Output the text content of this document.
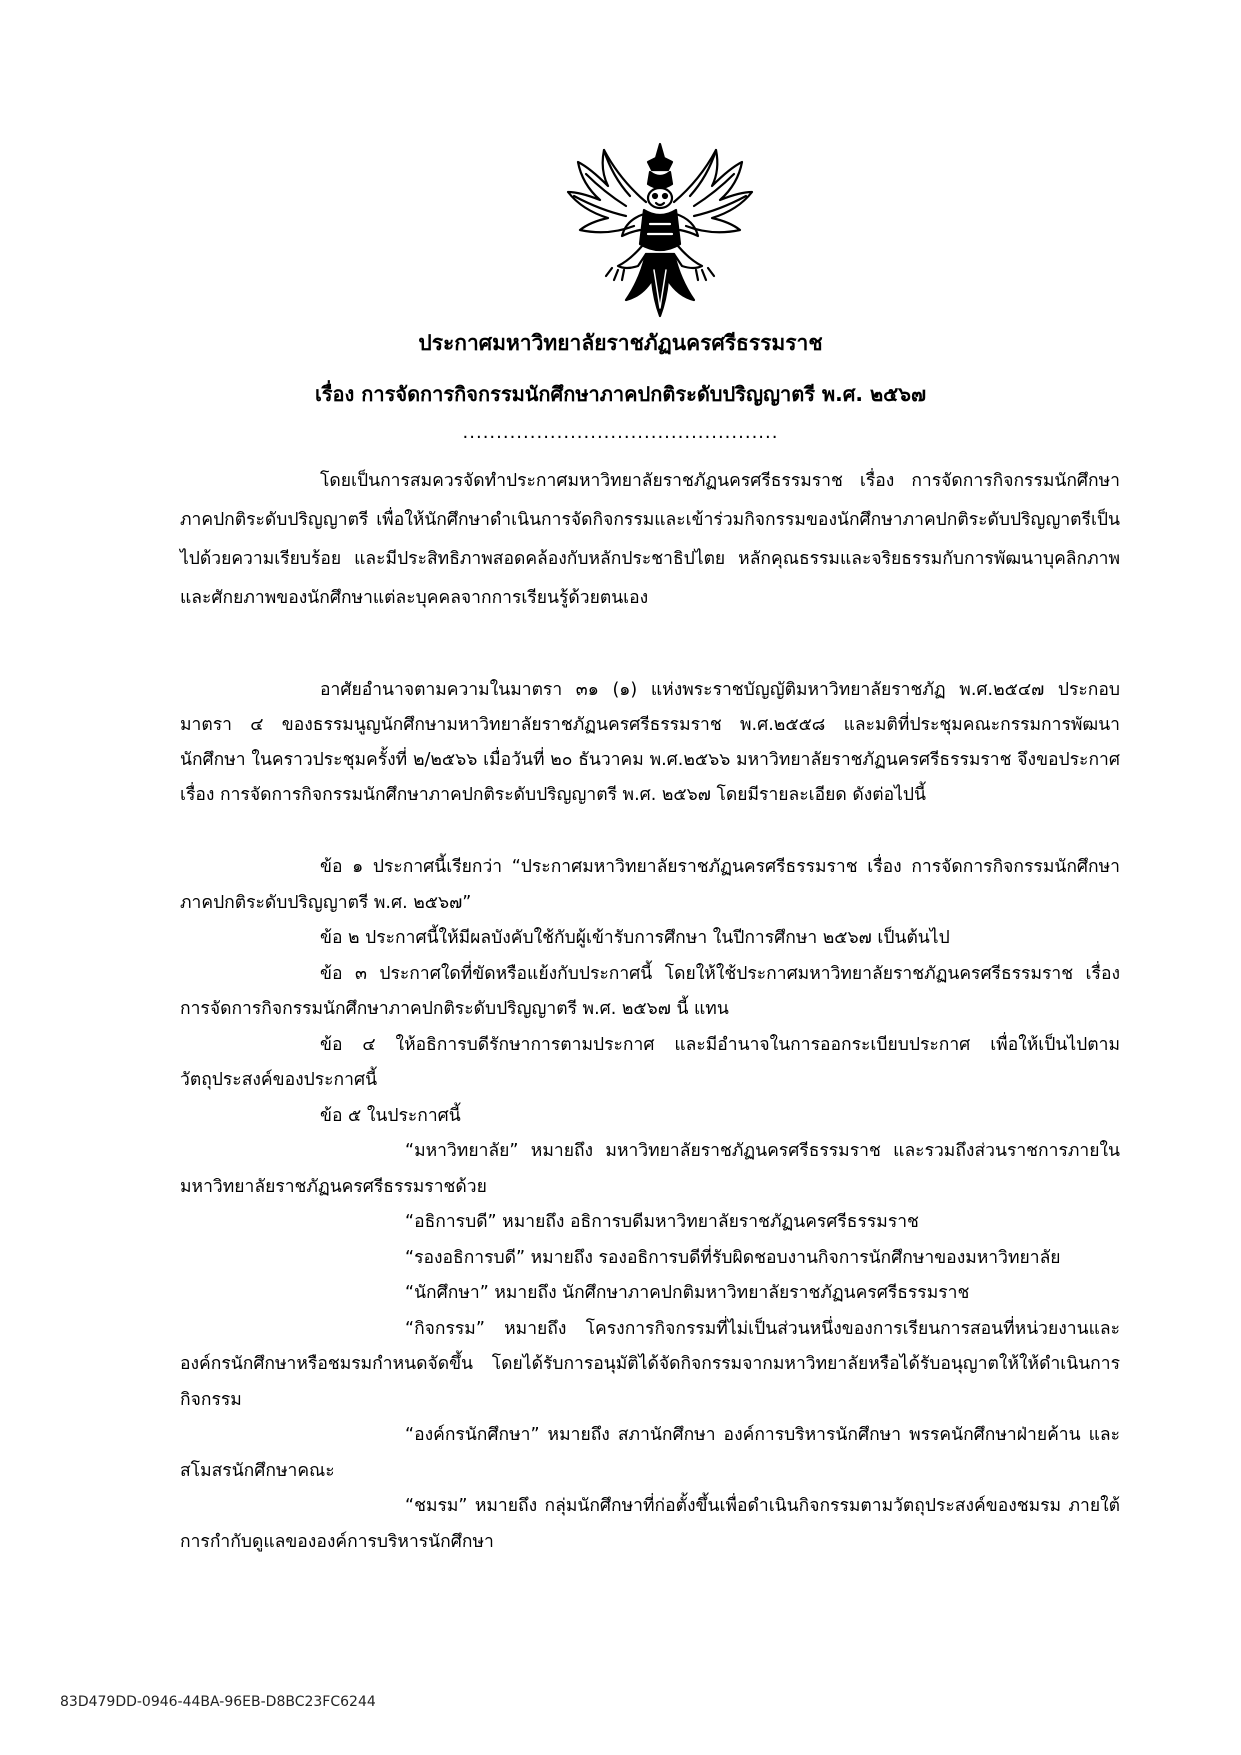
ประกาศมหาวิทยาลัยราชภัฏนครศรีธรรมราช
เรื่อง การจัดการกิจกรรมนักศึกษาภาคปกติระดับปริญญาตรี พ.ศ. ๒๕๖๗
...............................................

โดยเป็นการสมควรจัดทำประกาศมหาวิทยาลัยราชภัฏนครศรีธรรมราช เรื่อง การจัดการกิจกรรมนักศึกษาภาคปกติระดับปริญญาตรี เพื่อให้นักศึกษาดำเนินการจัดกิจกรรมและเข้าร่วมกิจกรรมของนักศึกษาภาคปกติระดับปริญญาตรีเป็นไปด้วยความเรียบร้อย และมีประสิทธิภาพสอดคล้องกับหลักประชาธิปไตย หลักคุณธรรมและจริยธรรมกับการพัฒนาบุคลิกภาพและศักยภาพของนักศึกษาแต่ละบุคคลจากการเรียนรู้ด้วยตนเอง

อาศัยอำนาจตามความในมาตรา ๓๑ (๑) แห่งพระราชบัญญัติมหาวิทยาลัยราชภัฏ พ.ศ.๒๕๔๗ ประกอบมาตรา ๔ ของธรรมนูญนักศึกษามหาวิทยาลัยราชภัฏนครศรีธรรมราช พ.ศ.๒๕๕๘ และมติที่ประชุมคณะกรรมการพัฒนานักศึกษา ในคราวประชุมครั้งที่ ๒/๒๕๖๖ เมื่อวันที่ ๒๐ ธันวาคม พ.ศ.๒๕๖๖ มหาวิทยาลัยราชภัฏนครศรีธรรมราช จึงขอประกาศ เรื่อง การจัดการกิจกรรมนักศึกษาภาคปกติระดับปริญญาตรี พ.ศ. ๒๕๖๗ โดยมีรายละเอียด ดังต่อไปนี้

ข้อ ๑ ประกาศนี้เรียกว่า “ประกาศมหาวิทยาลัยราชภัฏนครศรีธรรมราช เรื่อง การจัดการกิจกรรมนักศึกษาภาคปกติระดับปริญญาตรี พ.ศ. ๒๕๖๗”

ข้อ ๒ ประกาศนี้ให้มีผลบังคับใช้กับผู้เข้ารับการศึกษา ในปีการศึกษา ๒๕๖๗ เป็นต้นไป

ข้อ ๓ ประกาศใดที่ขัดหรือแย้งกับประกาศนี้ โดยให้ใช้ประกาศมหาวิทยาลัยราชภัฏนครศรีธรรมราช เรื่อง การจัดการกิจกรรมนักศึกษาภาคปกติระดับปริญญาตรี พ.ศ. ๒๕๖๗ นี้ แทน

ข้อ ๔ ให้อธิการบดีรักษาการตามประกาศ และมีอำนาจในการออกระเบียบประกาศ เพื่อให้เป็นไปตามวัตถุประสงค์ของประกาศนี้

ข้อ ๕ ในประกาศนี้

“มหาวิทยาลัย” หมายถึง มหาวิทยาลัยราชภัฏนครศรีธรรมราช และรวมถึงส่วนราชการภายในมหาวิทยาลัยราชภัฏนครศรีธรรมราชด้วย

“อธิการบดี” หมายถึง อธิการบดีมหาวิทยาลัยราชภัฏนครศรีธรรมราช

“รองอธิการบดี” หมายถึง รองอธิการบดีที่รับผิดชอบงานกิจการนักศึกษาของมหาวิทยาลัย

“นักศึกษา” หมายถึง นักศึกษาภาคปกติมหาวิทยาลัยราชภัฏนครศรีธรรมราช

“กิจกรรม” หมายถึง โครงการกิจกรรมที่ไม่เป็นส่วนหนึ่งของการเรียนการสอนที่หน่วยงานและองค์กรนักศึกษาหรือชมรมกำหนดจัดขึ้น โดยได้รับการอนุมัติได้จัดกิจกรรมจากมหาวิทยาลัยหรือได้รับอนุญาตให้ให้ดำเนินการกิจกรรม

“องค์กรนักศึกษา” หมายถึง สภานักศึกษา องค์การบริหารนักศึกษา พรรคนักศึกษาฝ่ายค้าน และสโมสรนักศึกษาคณะ

“ชมรม” หมายถึง กลุ่มนักศึกษาที่ก่อตั้งขึ้นเพื่อดำเนินกิจกรรมตามวัตถุประสงค์ของชมรม ภายใต้การกำกับดูแลขององค์การบริหารนักศึกษา

83D479DD-0946-44BA-96EB-D8BC23FC6244
